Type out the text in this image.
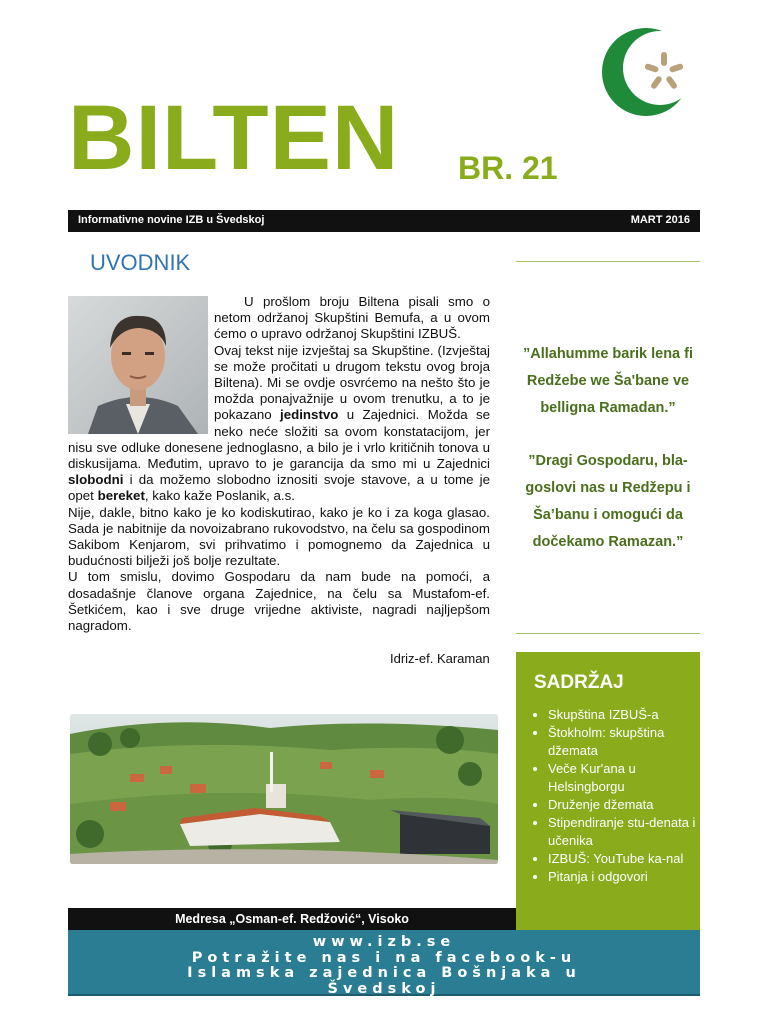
BILTEN BR. 21
Informativne novine IZB u Švedskoj	MART 2016
UVODNIK

U prošlom broju Biltena pisali smo o netom održanoj Skupštini Bemufa, a u ovom ćemo o upravo održanoj Skupštini IZBUŠ.

Ovaj tekst nije izvještaj sa Skupštine. (Izvještaj se može pročitati u drugom tekstu ovog broja Biltena). Mi se ovdje osvrćemo na nešto što je možda ponajvažnije u ovom trenutku, a to je pokazano jedinstvo u Zajednici. Možda se neko neće složiti sa ovom konstatacijom, jer nisu sve odluke donesene jednoglasno, a bilo je i vrlo kritičnih tonova u diskusijama. Međutim, upravo to je garancija da smo mi u Zajednici slobodni i da možemo slobodno iznositi svoje stavove, a u tome je opet bereket, kako kaže Poslanik, a.s.

Nije, dakle, bitno kako je ko kodiskutirao, kako je ko i za koga glasao. Sada je nabitnije da novoizabrano rukovodstvo, na čelu sa gospodinom Sakibom Kenjarom, svi prihvatimo i pomognemo da Zajednica u budućnosti bilježi još bolje rezultate.

U tom smislu, dovimo Gospodaru da nam bude na pomoći, a dosadašnje članove organa Zajednice, na čelu sa Mustafom-ef. Šetkićem, kao i sve druge vrijedne aktiviste, nagradi najljepšom nagradom.

Idriz-ef. Karaman
Medresa „Osman-ef. Redžović“, Visoko
”Allahumme barik lena fi Redžebe we Ša'bane ve belligna Ramadan.”
”Dragi Gospodaru, bla-goslovi nas u Redžepu i Ša’banu i omogući da dočekamo Ramazan.”
SADRŽAJ
• Skupština IZBUŠ-a
• Štokholm: skupština džemata
• Veče Kur'ana u Helsingborgu
• Druženje džemata
• Stipendiranje stu-denata i učenika
• IZBUŠ: YouTube ka-nal
• Pitanja i odgovori
www.izb.se
Potražite nas i na facebook-u
Islamska zajednica Bošnjaka u
Švedskoj
